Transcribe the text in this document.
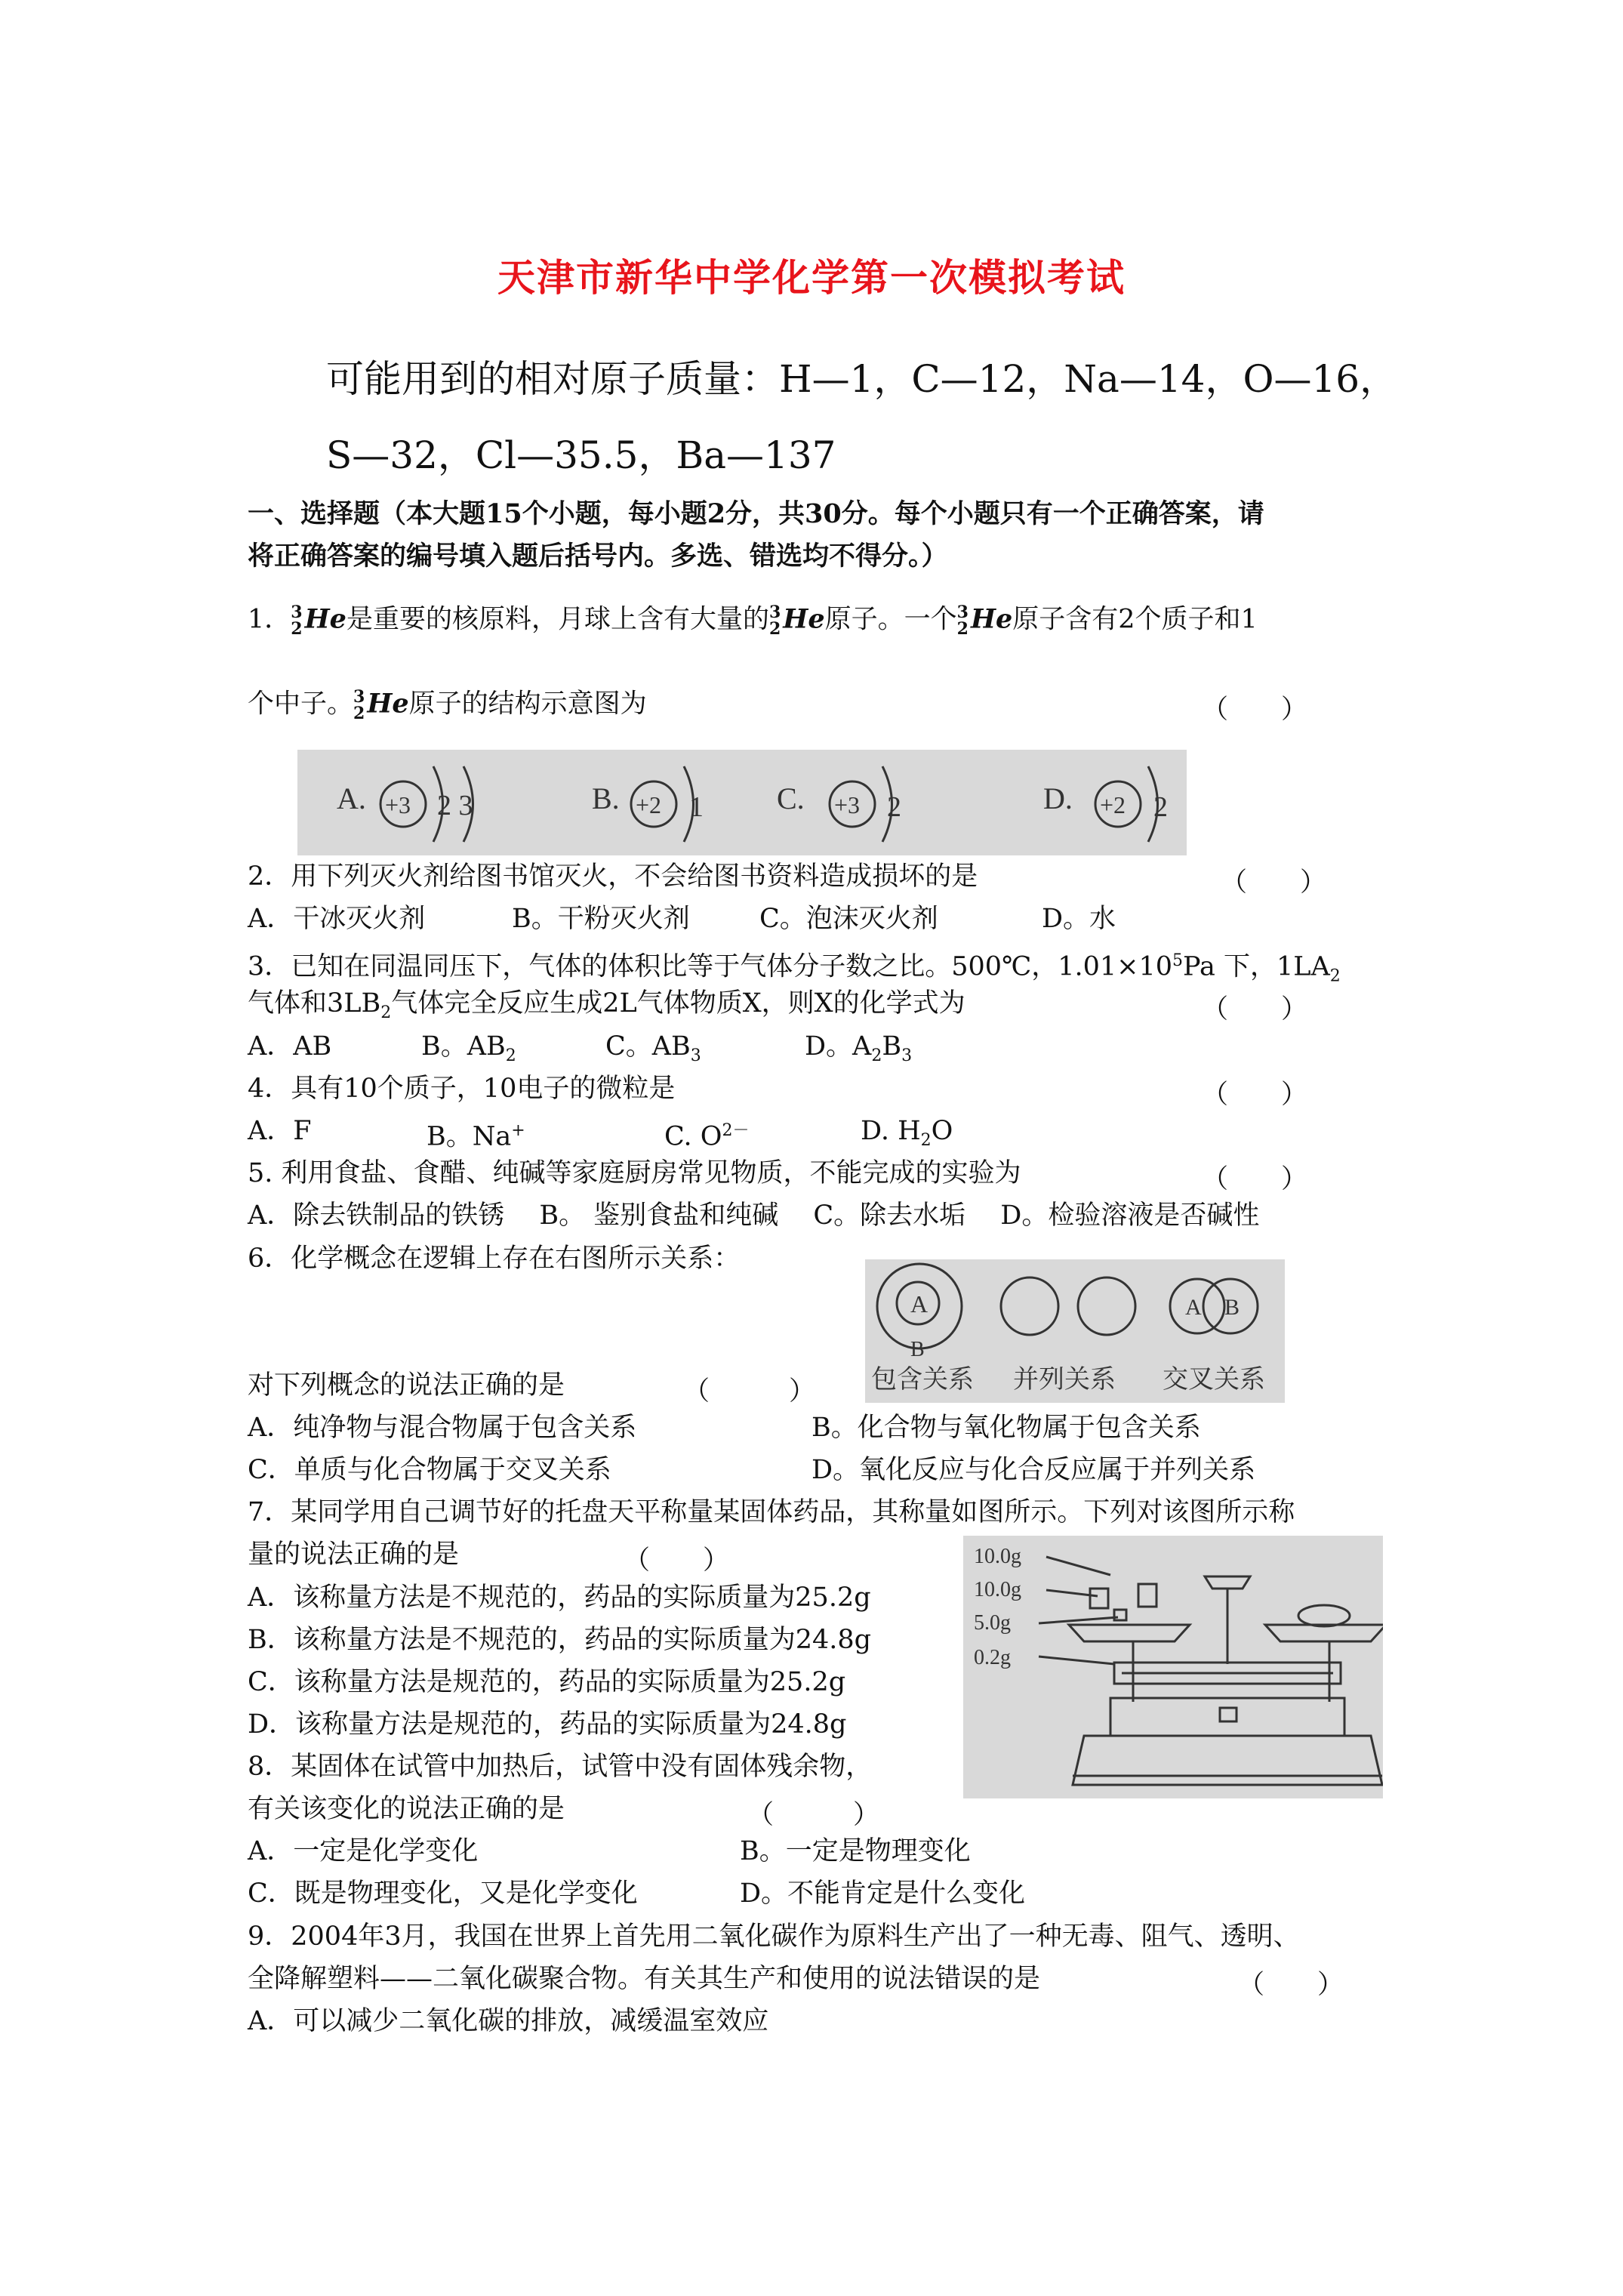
天津市新华中学化学第一次模拟考试
可能用到的相对原子质量：H—1，C—12，Na—14，O—16，
S—32，Cl—35.5，Ba—137
一、选择题（本大题15个小题，每小题2分，共30分。每个小题只有一个正确答案，请
将正确答案的编号填入题后括号内。多选、错选均不得分。）
1． 3
2 He是重要的核原料，月球上含有大量的 3
2 He原子。一个 3
2 He原子含有2个质子和1
个中子。 3
2 He原子的结构示意图为	（　　）
A. +3 2 3	B. +2 1 C. +3 2	D. +2 2
2．用下列灭火剂给图书馆灭火，不会给图书资料造成损坏的是	（　　）
A．干冰灭火剂	B。干粉灭火剂	C。泡沫灭火剂	D。水
3．已知在同温同压下，气体的体积比等于气体分子数之比。500℃，$1.01\times 10^5Pa$ 下，$1LA_2$
气体和$3LB_2$气体完全反应生成2L气体物质X，则X的化学式为	（　　）
A．AB	B。$AB_2$	C。$AB_3$	D。$A_2B_3$
4．具有10个质子，10电子的微粒是	（　　）
A．F	B。Na+	C. $O^{2-}$	D. $H_2O$
5. 利用食盐、食醋、纯碱等家庭厨房常见物质，不能完成的实验为	（　　）
A．除去铁制品的铁锈　 B。 鉴别食盐和纯碱　 C。除去水垢　 D。检验溶液是否碱性
6．化学概念在逻辑上存在右图所示关系：
A
B
A B
包含关系 并列关系 交叉关系
对下列概念的说法正确的是	（　　　）
A．纯净物与混合物属于包含关系	B。化合物与氧化物属于包含关系
C．单质与化合物属于交叉关系	D。氧化反应与化合反应属于并列关系
7．某同学用自己调节好的托盘天平称量某固体药品，其称量如图所示。下列对该图所示称
量的说法正确的是	（　　）
A．该称量方法是不规范的，药品的实际质量为25.2g
B．该称量方法是不规范的，药品的实际质量为24.8g
C．该称量方法是规范的，药品的实际质量为25.2g
D．该称量方法是规范的，药品的实际质量为24.8g
10.0g
10.0g
5.0g
0.2g
8．某固体在试管中加热后，试管中没有固体残余物，
有关该变化的说法正确的是	（　　　）
A．一定是化学变化	B。一定是物理变化
C．既是物理变化，又是化学变化	D。不能肯定是什么变化
9．2004年3月，我国在世界上首先用二氧化碳作为原料生产出了一种无毒、阻气、透明、
全降解塑料——二氧化碳聚合物。有关其生产和使用的说法错误的是	（　　）
A．可以减少二氧化碳的排放，减缓温室效应
